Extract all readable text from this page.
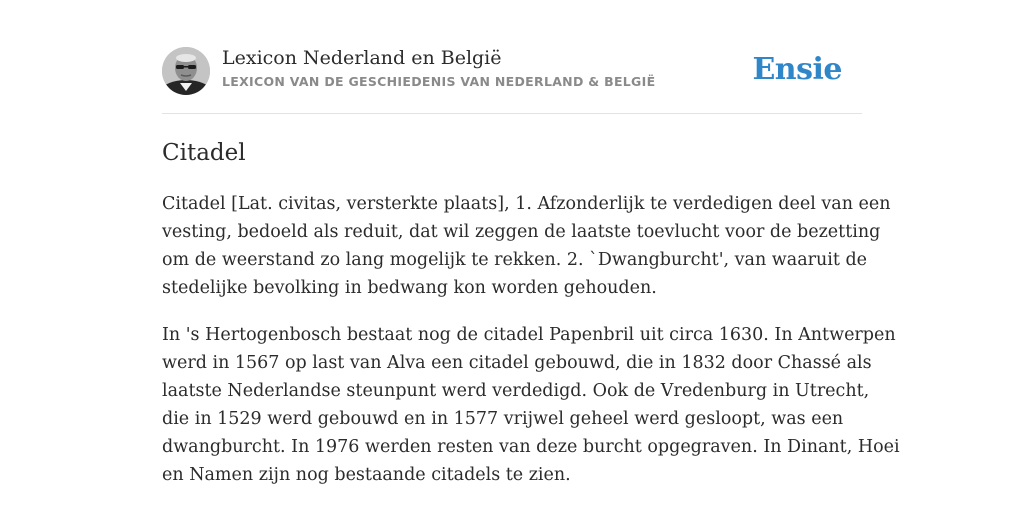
Lexicon Nederland en België
LEXICON VAN DE GESCHIEDENIS VAN NEDERLAND & BELGIË	Ensie
Citadel

Citadel [Lat. civitas, versterkte plaats], 1. Afzonderlijk te verdedigen deel van een
vesting, bedoeld als reduit, dat wil zeggen de laatste toevlucht voor de bezetting
om de weerstand zo lang mogelijk te rekken. 2. `Dwangburcht', van waaruit de
stedelijke bevolking in bedwang kon worden gehouden.

In 's Hertogenbosch bestaat nog de citadel Papenbril uit circa 1630. In Antwerpen
werd in 1567 op last van Alva een citadel gebouwd, die in 1832 door Chassé als
laatste Nederlandse steunpunt werd verdedigd. Ook de Vredenburg in Utrecht,
die in 1529 werd gebouwd en in 1577 vrijwel geheel werd gesloopt, was een
dwangburcht. In 1976 werden resten van deze burcht opgegraven. In Dinant, Hoei
en Namen zijn nog bestaande citadels te zien.
